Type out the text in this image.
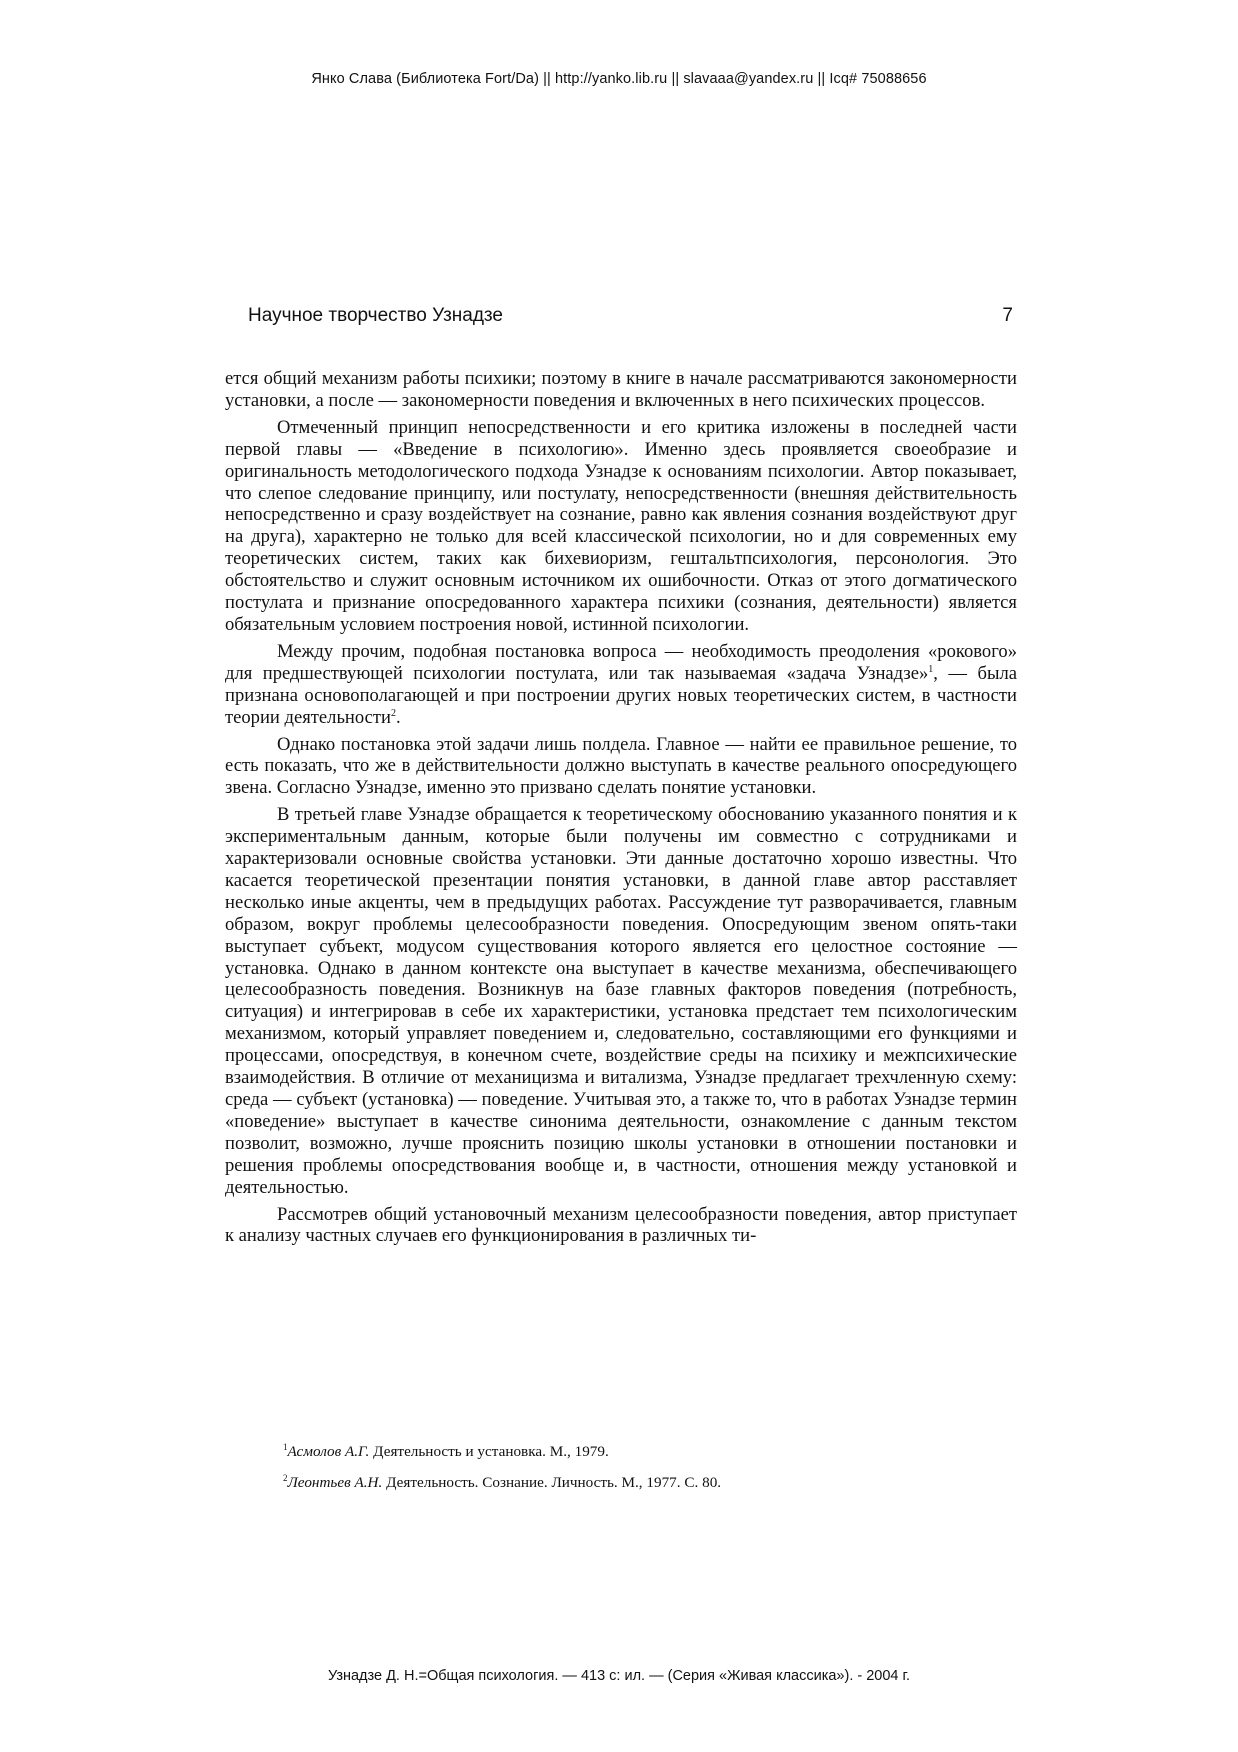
Янко Слава (Библиотека Fort/Da) || http://yanko.lib.ru || slavaaa@yandex.ru || Icq# 75088656
Научное творчество Узнадзе	7

ется общий механизм работы психики; поэтому в книге в начале рассматриваются закономерности установки, а после — закономерности поведения и включенных в него психических процессов.

Отмеченный принцип непосредственности и его критика изложены в последней части первой главы — «Введение в психологию». Именно здесь проявляется своеобразие и оригинальность методологического подхода Узнадзе к основаниям психологии. Автор показывает, что слепое следование принципу, или постулату, непосредственности (внешняя действительность непосредственно и сразу воздействует на сознание, равно как явления сознания воздействуют друг на друга), характерно не только для всей классической психологии, но и для современных ему теоретических систем, таких как бихевиоризм, гештальтпсихология, персонология. Это обстоятельство и служит основным источником их ошибочности. Отказ от этого догматического постулата и признание опосредованного характера психики (сознания, деятельности) является обязательным условием построения новой, истинной психологии.

Между прочим, подобная постановка вопроса — необходимость преодоления «рокового» для предшествующей психологии постулата, или так называемая «задача Узнадзе»$^1$, — была признана основополагающей и при построении других новых теоретических систем, в частности теории деятельности$^2$.

Однако постановка этой задачи лишь полдела. Главное — найти ее правильное решение, то есть показать, что же в действительности должно выступать в качестве реального опосредующего звена. Согласно Узнадзе, именно это призвано сделать понятие установки.

В третьей главе Узнадзе обращается к теоретическому обоснованию указанного понятия и к экспериментальным данным, которые были получены им совместно с сотрудниками и характеризовали основные свойства установки. Эти данные достаточно хорошо известны. Что касается теоретической презентации понятия установки, в данной главе автор расставляет несколько иные акценты, чем в предыдущих работах. Рассуждение тут разворачивается, главным образом, вокруг проблемы целесообразности поведения. Опосредующим звеном опять-таки выступает субъект, модусом существования которого является его целостное состояние — установка. Однако в данном контексте она выступает в качестве механизма, обеспечивающего целесообразность поведения. Возникнув на базе главных факторов поведения (потребность, ситуация) и интегрировав в себе их характеристики, установка предстает тем психологическим механизмом, который управляет поведением и, следовательно, составляющими его функциями и процессами, опосредствуя, в конечном счете, воздействие среды на психику и межпсихические взаимодействия. В отличие от механицизма и витализма, Узнадзе предлагает трехчленную схему: среда — субъект (установка) — поведение. Учитывая это, а также то, что в работах Узнадзе термин «поведение» выступает в качестве синонима деятельности, ознакомление с данным текстом позволит, возможно, лучше прояснить позицию школы установки в отношении постановки и решения проблемы опосредствования вообще и, в частности, отношения между установкой и деятельностью.

Рассмотрев общий установочный механизм целесообразности поведения, автор приступает к анализу частных случаев его функционирования в различных ти-

$^1$Асмолов А.Г. Деятельность и установка. М., 1979.
$^2$Леонтьев А.Н. Деятельность. Сознание. Личность. М., 1977. С. 80.
Узнадзе Д. Н.=Общая психология. — 413 с: ил. — (Серия «Живая классика»). - 2004 г.
